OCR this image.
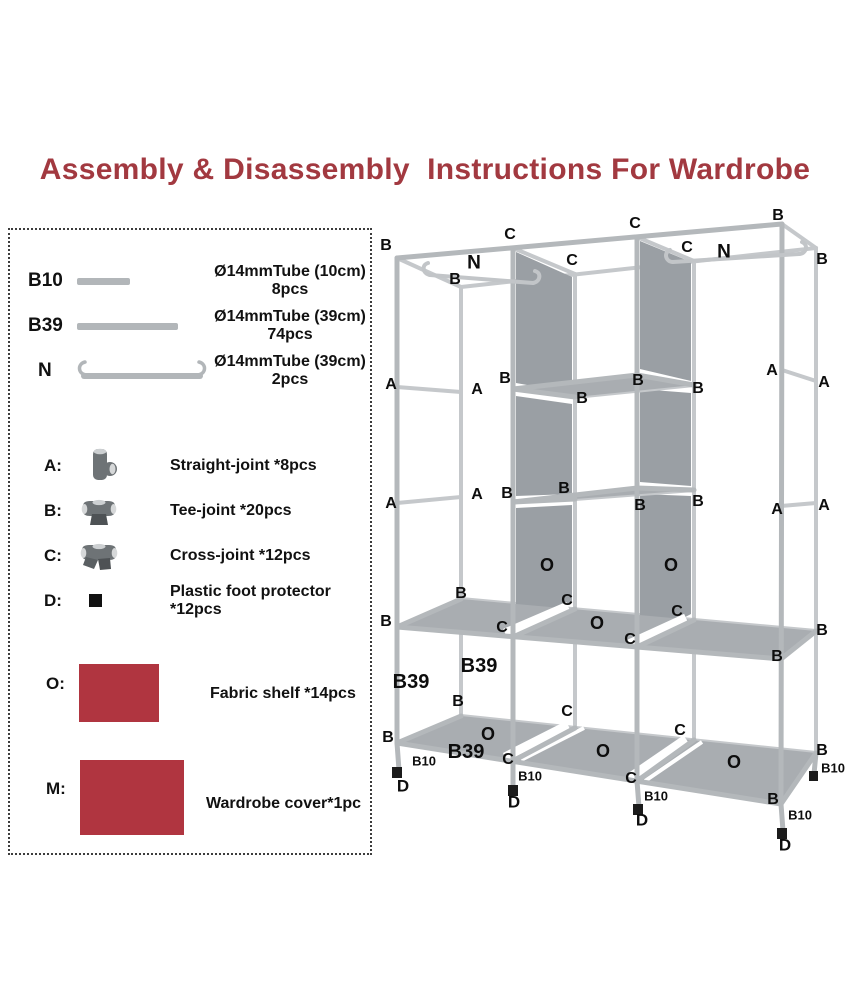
Assembly & Disassembly  Instructions For Wardrobe
B
C
C
B
C
C N
N
B
B
A	A
A
A
B
B
B	B
A
A
A A
B	B
B	B
O	O
B	C
C
B
B	C
C
B
O
B39
B39
B
B
B10
D
O
O
O
B39 C
C
B10
D
C
C
B10
D
B
B10
D
B
B10
B10	Ø14mmTube (10cm)
8pcs
B39	Ø14mmTube (39cm)
74pcs
N	Ø14mmTube (39cm)
2pcs
A:	Straight-joint *8pcs
B:	Tee-joint *20pcs
C:	Cross-joint *12pcs
D:	Plastic foot protector *12pcs
O:
Fabric shelf *14pcs
M:
Wardrobe cover*1pc
